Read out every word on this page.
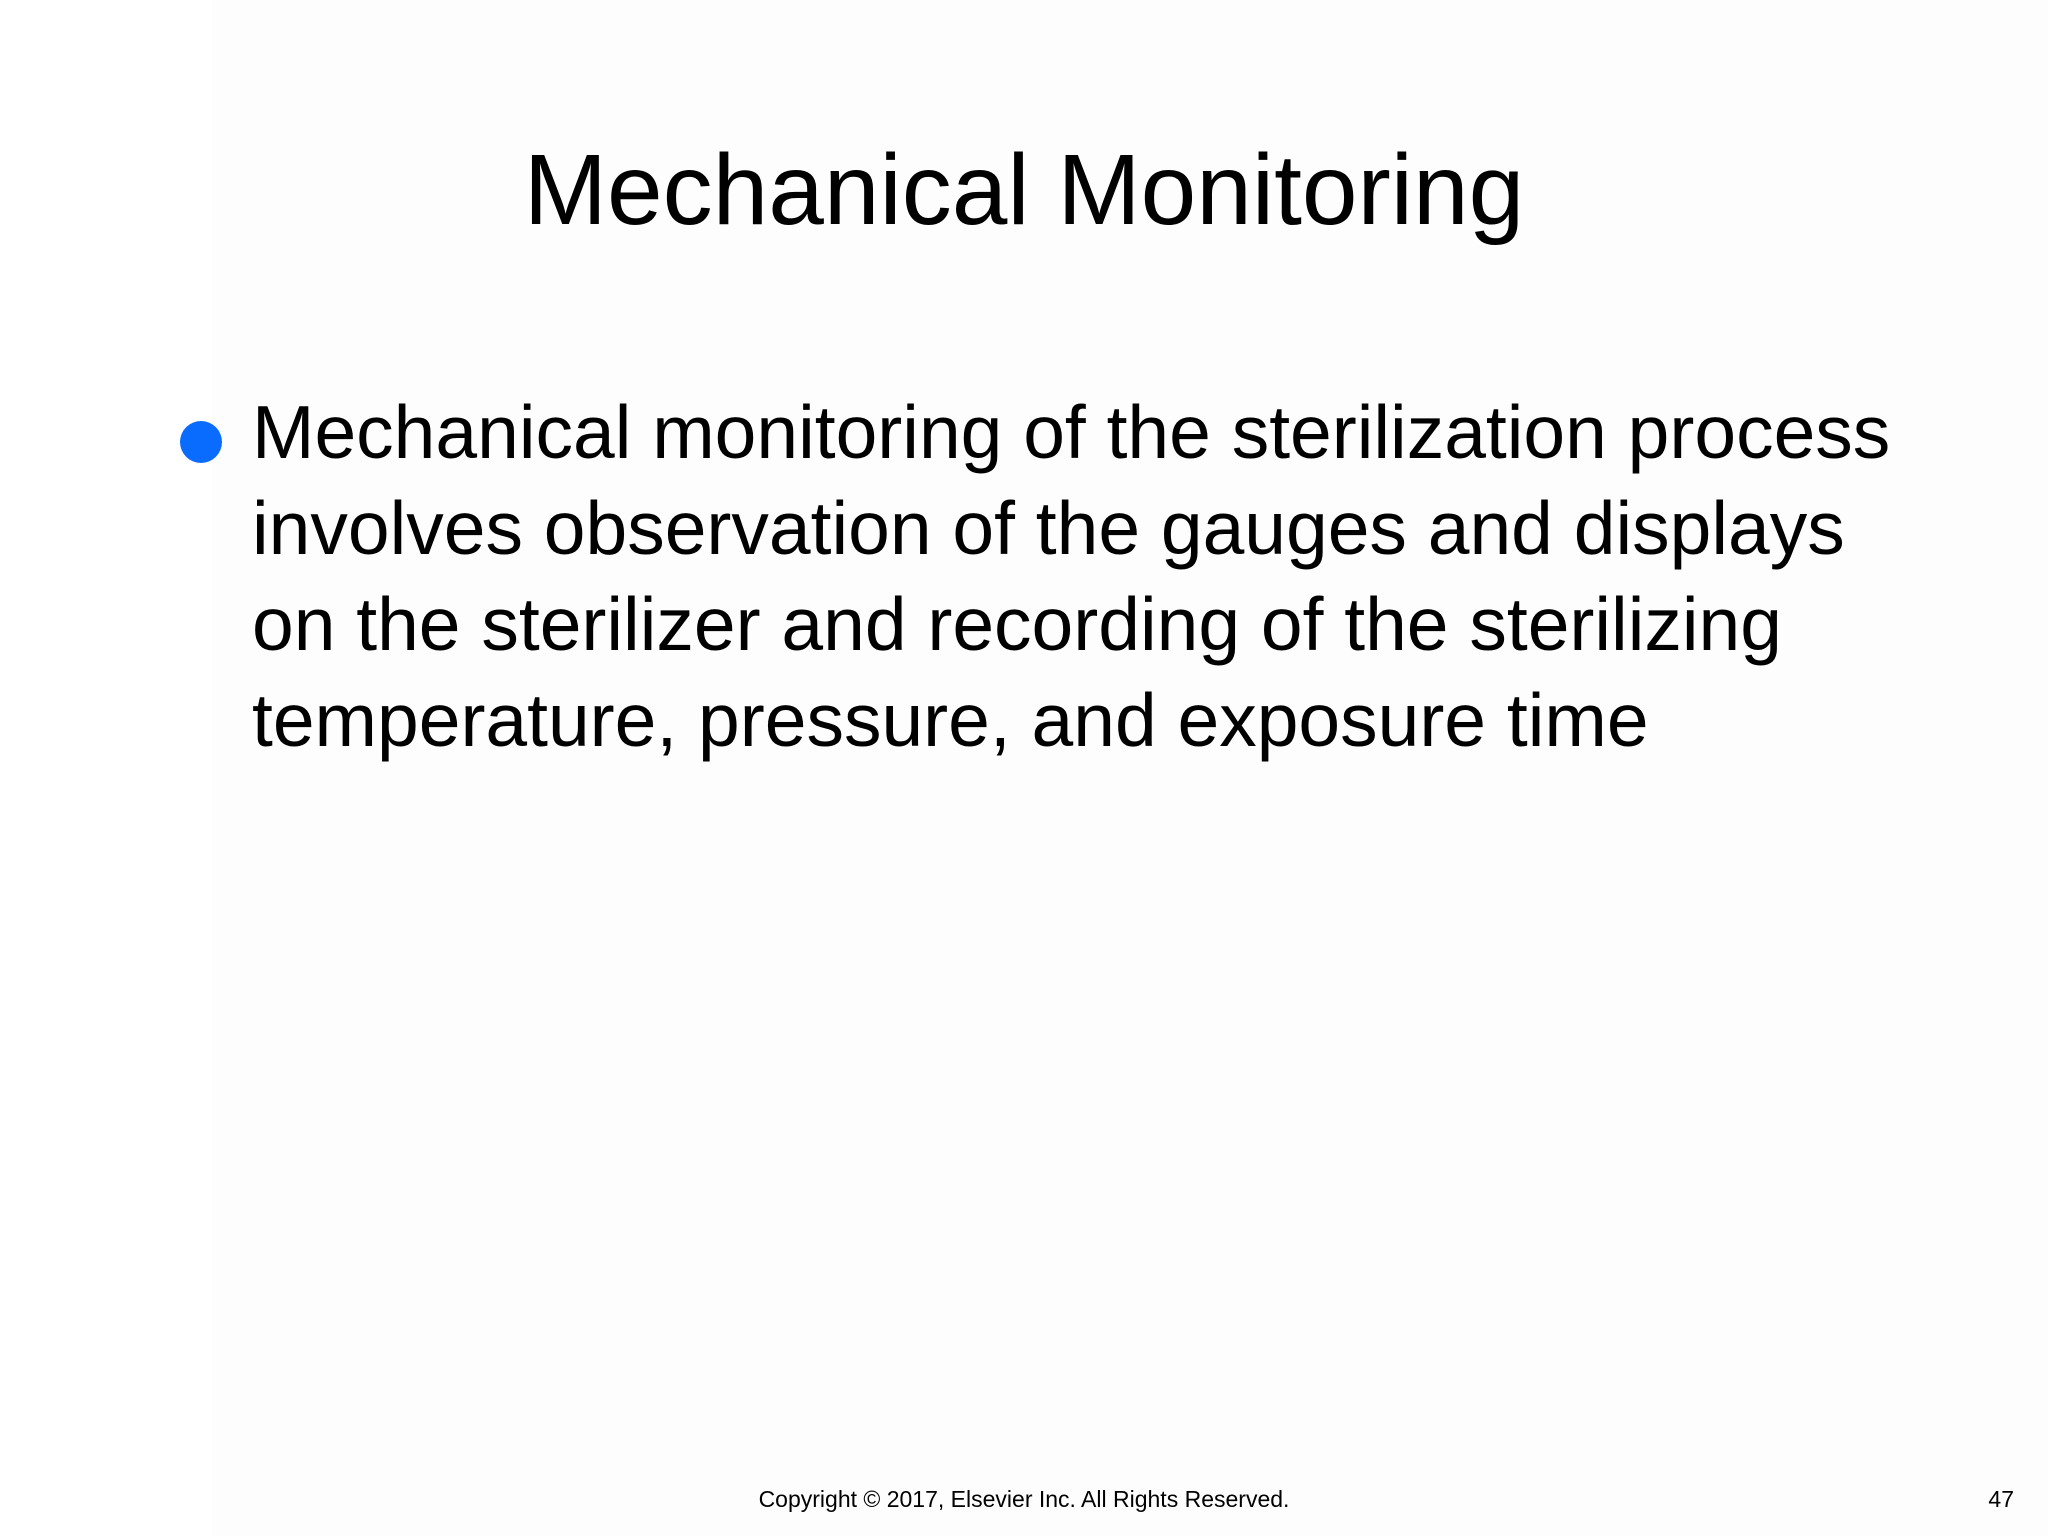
Mechanical Monitoring
Mechanical monitoring of the sterilization process involves observation of the gauges and displays on the sterilizer and recording of the sterilizing temperature, pressure, and exposure time
Copyright © 2017, Elsevier Inc. All Rights Reserved.	47
